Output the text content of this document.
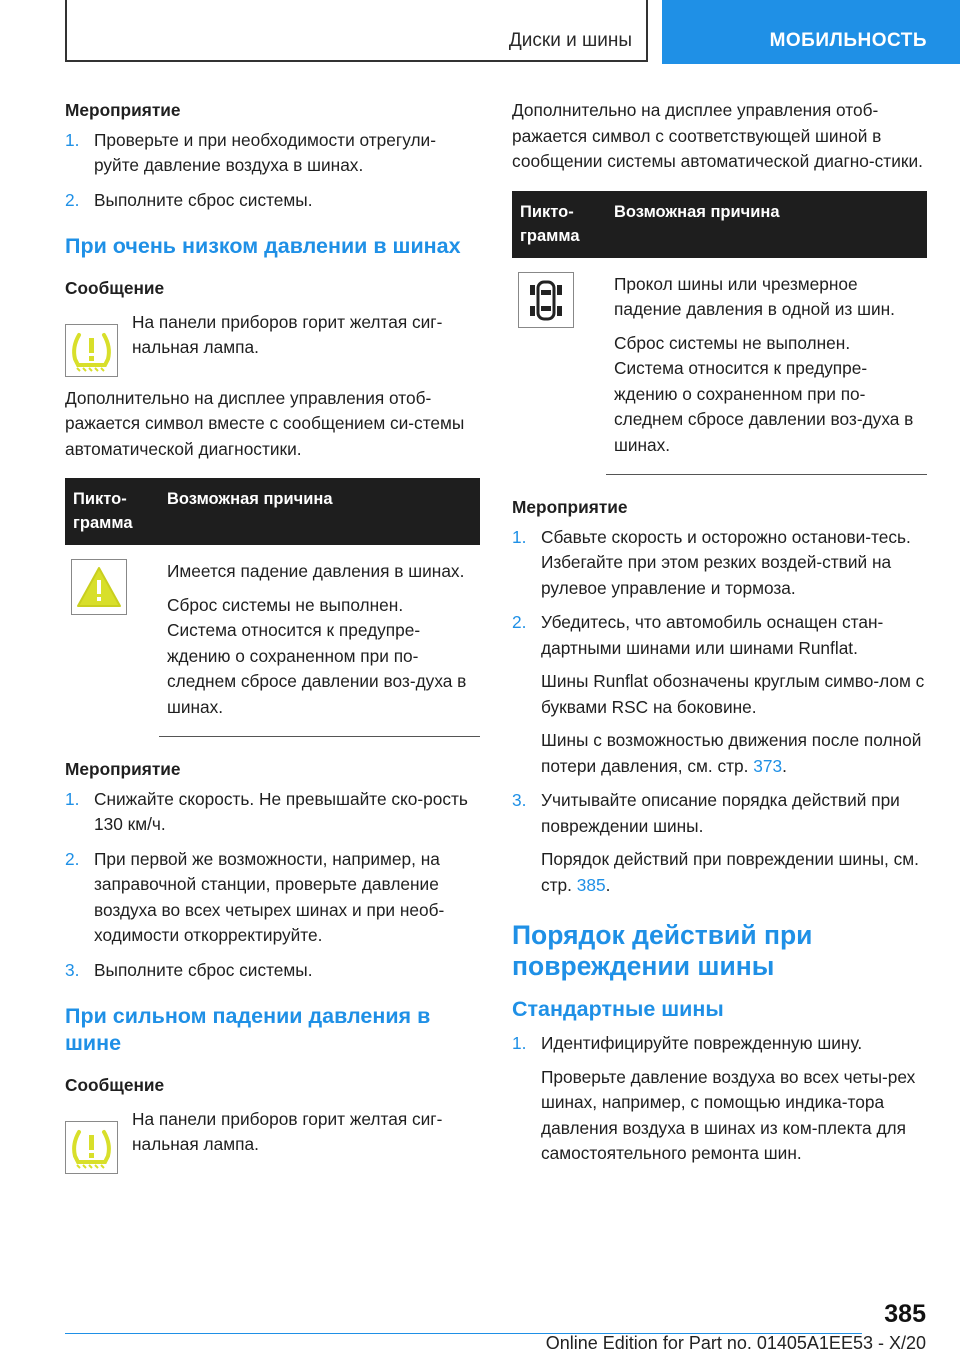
Диски и шины	МОБИЛЬНОСТЬ
Мероприятие
1. Проверьте и при необходимости отрегули-руйте давление воздуха в шинах.
2. Выполните сброс системы.
При очень низком давлении в шинах
Сообщение
На панели приборов горит желтая сиг-нальная лампа.
Дополнительно на дисплее управления отоб-ражается символ вместе с сообщением си-стемы автоматической диагностики.
Пикто-грамма	Возможная причина

Имеется падение давления в шинах.

Сброс системы не выполнен. Система относится к предупре-ждению о сохраненном при по-следнем сбросе давлении воз-духа в шинах.

Мероприятие
1. Снижайте скорость. Не превышайте ско-рость 130 км/ч.
2. При первой же возможности, например, на заправочной станции, проверьте давление воздуха во всех четырех шинах и при необ-ходимости откорректируйте.
3. Выполните сброс системы.
При сильном падении давления в шине
Сообщение
На панели приборов горит желтая сиг-нальная лампа.
Дополнительно на дисплее управления отоб-ражается символ с соответствующей шиной в сообщении системы автоматической диагно-стики.
Пикто-грамма	Возможная причина

Прокол шины или чрезмерное падение давления в одной из шин.

Сброс системы не выполнен. Система относится к предупре-ждению о сохраненном при по-следнем сбросе давлении воз-духа в шинах.

Мероприятие
1. Сбавьте скорость и осторожно останови-тесь. Избегайте при этом резких воздей-ствий на рулевое управление и тормоза.

2. Убедитесь, что автомобиль оснащен стан-дартными шинами или шинами Runflat.

Шины Runflat обозначены круглым симво-лом с буквами RSC на боковине.

Шины с возможностью движения после полной потери давления, см. стр. 373.

3. Учитывайте описание порядка действий при повреждении шины.

Порядок действий при повреждении шины, см. стр. 385.

Порядок действий при повреждении шины
Стандартные шины
1. Идентифицируйте поврежденную шину.

Проверьте давление воздуха во всех четы-рех шинах, например, с помощью индика-тора давления воздуха в шинах из ком-плекта для самостоятельного ремонта шин.

385
Online Edition for Part no. 01405A1EE53 - X/20
